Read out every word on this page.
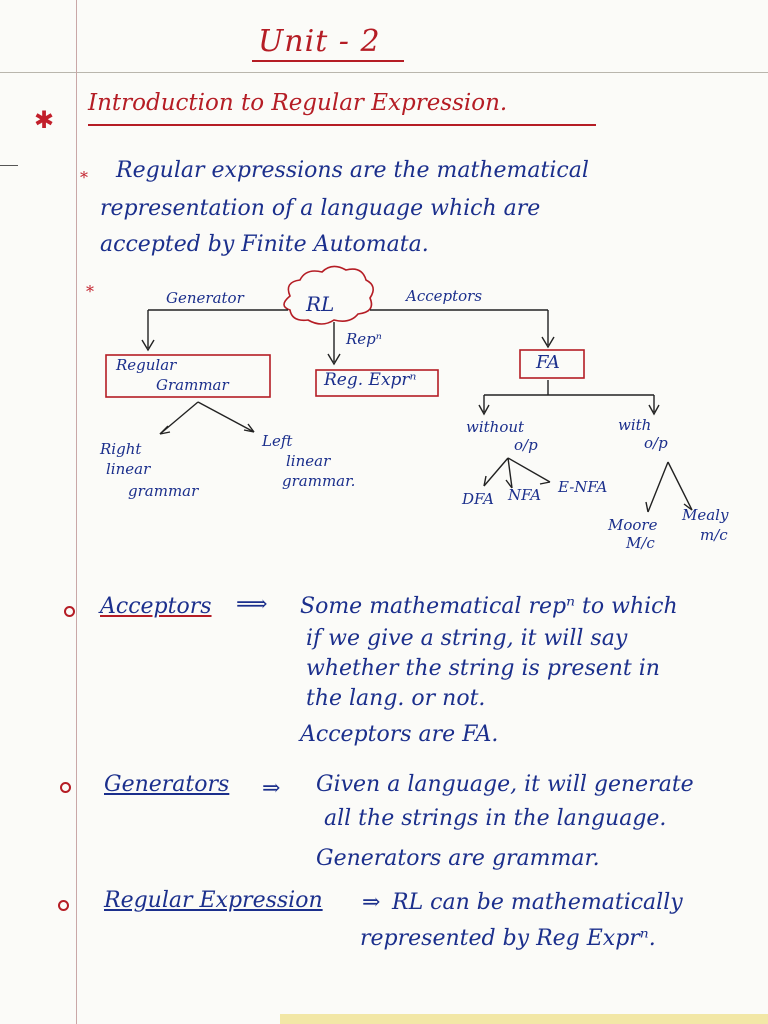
Unit - 2
✱
Introduction to Regular Expression.
* Regular expressions are the mathematical
representation of a language which are
accepted by Finite Automata.
*	Generator	RL	Acceptors
Repⁿ
Regular
Grammar	Reg. Exprⁿ
FA
Right
linear
grammar
Left
linear
grammar.
without
o/p
with
o/p
DFA NFA E-NFA
Moore
M/c
Mealy
m/c
Acceptors ⟹ Some mathematical repⁿ to which
if we give a string, it will say
whether the string is present in
the lang. or not.
Acceptors are FA.
Generators ⇒ Given a language, it will generate
all the strings in the language.
Generators are grammar.
Regular Expression ⇒ RL can be mathematically
represented by Reg Exprⁿ.
